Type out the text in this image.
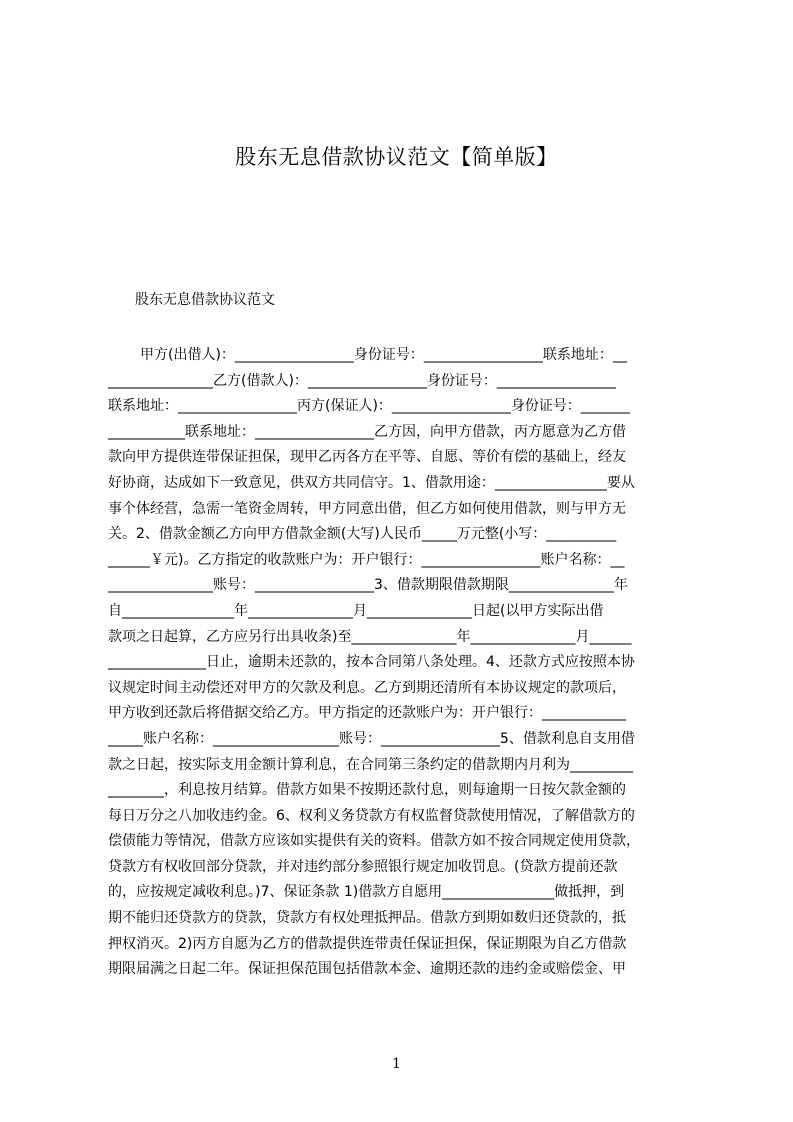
股东无息借款协议范文【简单版】
股东无息借款协议范文
甲方(出借人)：_________________身份证号：_________________联系地址：__
_______________乙方(借款人)：_________________身份证号：_________________
联系地址：_________________丙方(保证人)：_________________身份证号：_______
___________联系地址：_________________乙方因，向甲方借款，丙方愿意为乙方借
款向甲方提供连带保证担保，现甲乙丙各方在平等、自愿、等价有偿的基础上，经友
好协商，达成如下一致意见，供双方共同信守。1、借款用途：________________要从
事个体经营，急需一笔资金周转，甲方同意出借，但乙方如何使用借款，则与甲方无
关。2、借款金额乙方向甲方借款金额(大写)人民币_____万元整(小写：__________
______￥元)。乙方指定的收款账户为：开户银行：_________________账户名称：__
_______________账号：_________________3、借款期限借款期限_______________年
自________________年_______________月_______________日起(以甲方实际出借
款项之日起算，乙方应另行出具收条)至_______________年_______________月______
______________日止，逾期未还款的，按本合同第八条处理。4、还款方式应按照本协
议规定时间主动偿还对甲方的欠款及利息。乙方到期还清所有本协议规定的款项后，
甲方收到还款后将借据交给乙方。甲方指定的还款账户为：开户银行：____________
_____账户名称：__________________账号：_________________5、借款利息自支用借
款之日起，按实际支用金额计算利息，在合同第三条约定的借款期内月利为_________
________，利息按月结算。借款方如果不按期还款付息，则每逾期一日按欠款金额的
每日万分之八加收违约金。6、权利义务贷款方有权监督贷款使用情况，了解借款方的
偿债能力等情况，借款方应该如实提供有关的资料。借款方如不按合同规定使用贷款，
贷款方有权收回部分贷款，并对违约部分参照银行规定加收罚息。(贷款方提前还款
的，应按规定减收利息。)7、保证条款 1)借款方自愿用________________做抵押，到
期不能归还贷款方的贷款，贷款方有权处理抵押品。借款方到期如数归还贷款的，抵
押权消灭。2)丙方自愿为乙方的借款提供连带责任保证担保，保证期限为自乙方借款
期限届满之日起二年。保证担保范围包括借款本金、逾期还款的违约金或赔偿金、甲
1
